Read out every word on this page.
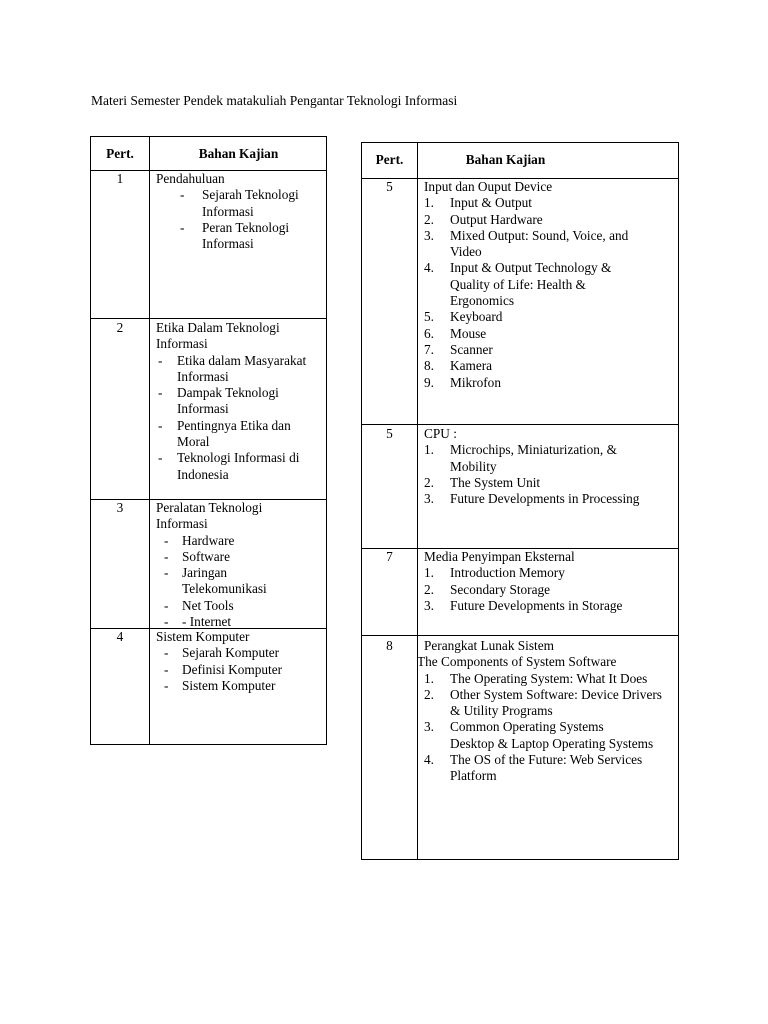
Materi Semester Pendek matakuliah Pengantar Teknologi Informasi
Pert.	Bahan Kajian
1	Pendahuluan
- Sejarah Teknologi
Informasi
- Peran Teknologi
Informasi
2	Etika Dalam Teknologi
Informasi
- Etika dalam Masyarakat
Informasi
- Dampak Teknologi
Informasi
- Pentingnya Etika dan
Moral
- Teknologi Informasi di
Indonesia
3	Peralatan Teknologi
Informasi
- Hardware
- Software
- Jaringan
Telekomunikasi
- Net Tools
- - Internet
4	Sistem Komputer
- Sejarah Komputer
- Definisi Komputer
- Sistem Komputer
Pert.	Bahan Kajian
5	Input dan Ouput Device
1. Input & Output
2. Output Hardware
3. Mixed Output: Sound, Voice, and
Video
4. Input & Output Technology &
Quality of Life: Health &
Ergonomics
5. Keyboard
6. Mouse
7. Scanner
8. Kamera
9. Mikrofon
5	CPU :
1. Microchips, Miniaturization, &
Mobility
2. The System Unit
3. Future Developments in Processing
7	Media Penyimpan Eksternal
1. Introduction Memory
2. Secondary Storage
3. Future Developments in Storage
8	Perangkat Lunak Sistem
The Components of System Software
1. The Operating System: What It Does
2. Other System Software: Device Drivers
& Utility Programs
3. Common Operating Systems
Desktop & Laptop Operating Systems
4. The OS of the Future: Web Services
Platform
